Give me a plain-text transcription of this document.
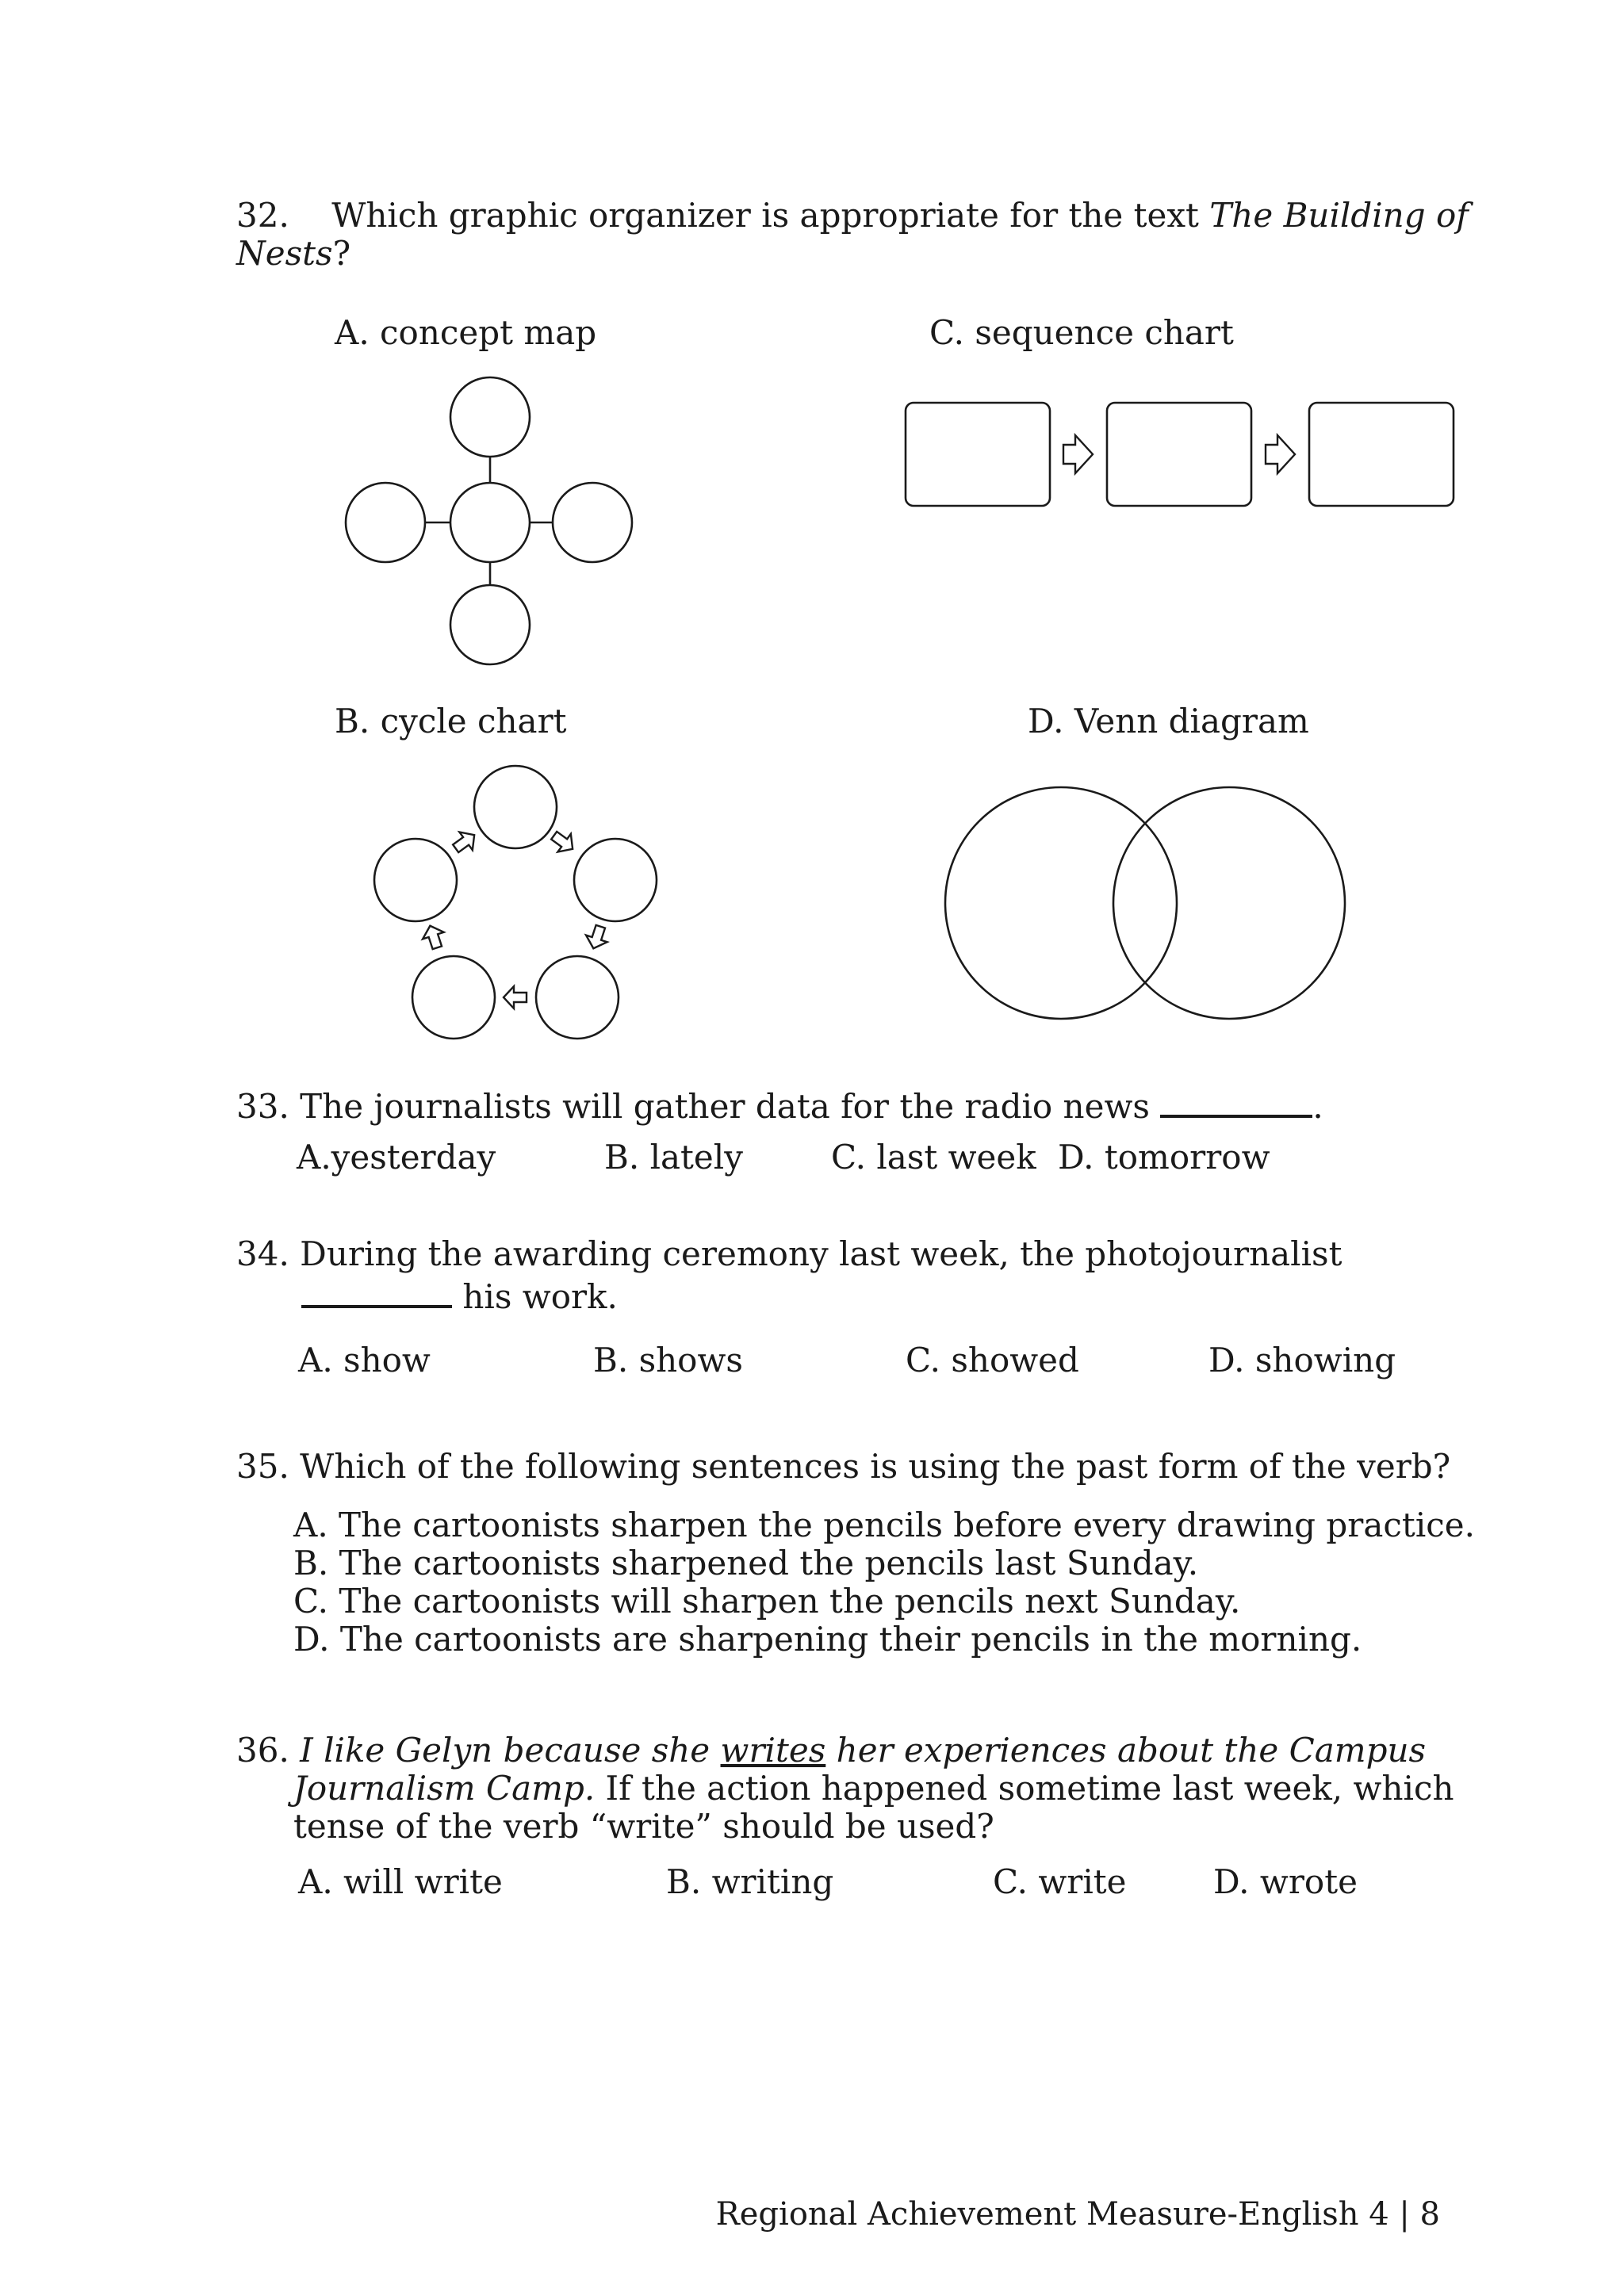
32. Which graphic organizer is appropriate for the text The Building of
Nests?
A. concept map	C. sequence chart
B. cycle chart	D. Venn diagram
33. The journalists will gather data for the radio news	.
A.yesterday	B. lately	C. last week D. tomorrow
34. During the awarding ceremony last week, the photojournalist
his work.
A. show	B. shows	C. showed	D. showing
35. Which of the following sentences is using the past form of the verb?
A. The cartoonists sharpen the pencils before every drawing practice.
B. The cartoonists sharpened the pencils last Sunday.
C. The cartoonists will sharpen the pencils next Sunday.
D. The cartoonists are sharpening their pencils in the morning.
36. I like Gelyn because she writes her experiences about the Campus
Journalism Camp. If the action happened sometime last week, which
tense of the verb “write” should be used?
A. will write	B. writing	C. write	D. wrote
Regional Achievement Measure-English 4 | 8
